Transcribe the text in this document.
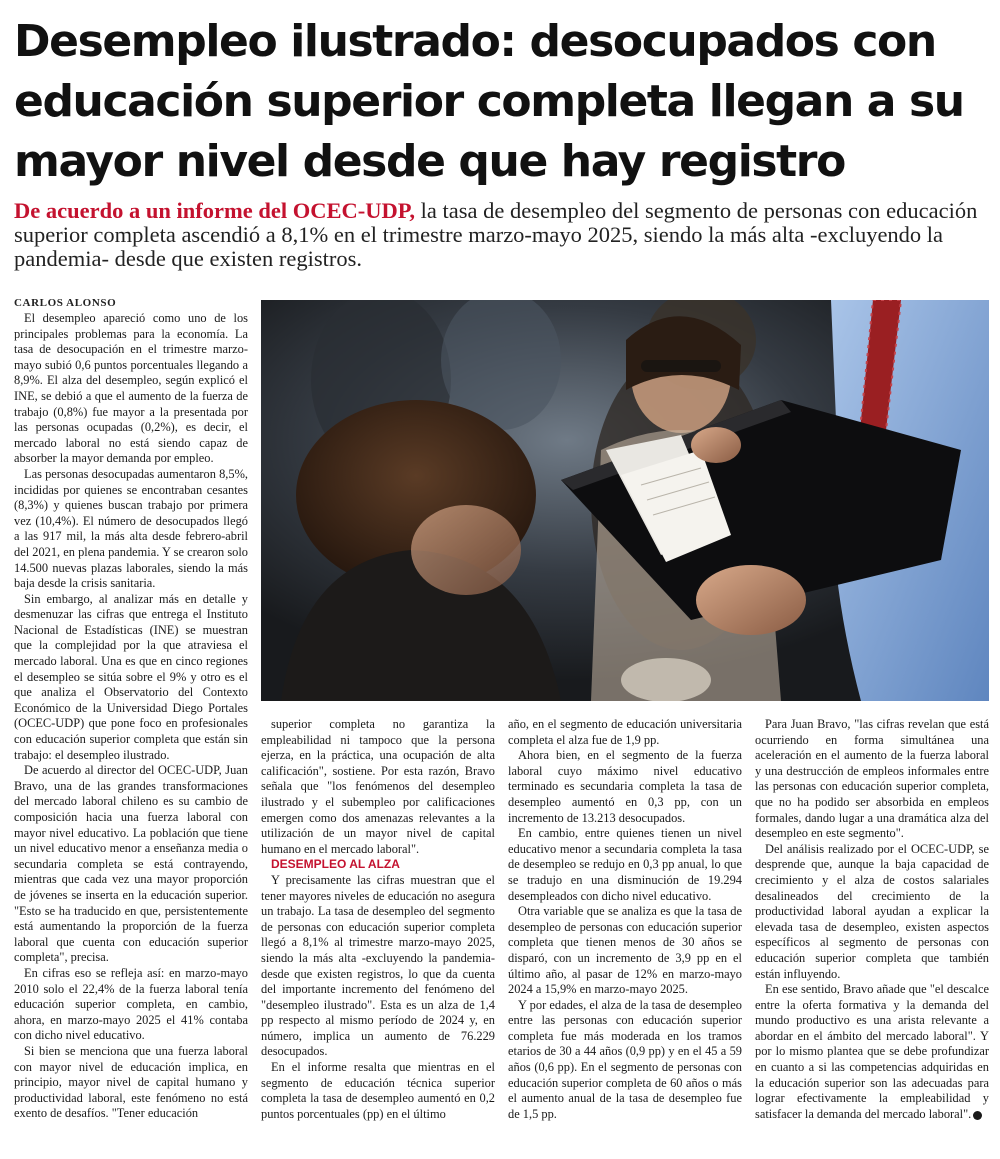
Desempleo ilustrado: desocupados con educación superior completa llegan a su mayor nivel desde que hay registro
De acuerdo a un informe del OCEC-UDP, la tasa de desempleo del segmento de personas con educación superior completa ascendió a 8,1% en el trimestre marzo-mayo 2025, siendo la más alta -excluyendo la pandemia- desde que existen registros.
CARLOS ALONSO

El desempleo apareció como uno de los principales problemas para la economía. La tasa de desocupación en el trimestre marzo-mayo subió 0,6 puntos porcentuales llegando a 8,9%. El alza del desempleo, según explicó el INE, se debió a que el aumento de la fuerza de trabajo (0,8%) fue mayor a la presentada por las personas ocupadas (0,2%), es decir, el mercado laboral no está siendo capaz de absorber la mayor demanda por empleo.

Las personas desocupadas aumentaron 8,5%, incididas por quienes se encontraban cesantes (8,3%) y quienes buscan trabajo por primera vez (10,4%). El número de desocupados llegó a las 917 mil, la más alta desde febrero-abril del 2021, en plena pandemia. Y se crearon solo 14.500 nuevas plazas laborales, siendo la más baja desde la crisis sanitaria.

Sin embargo, al analizar más en detalle y desmenuzar las cifras que entrega el Instituto Nacional de Estadísticas (INE) se muestran que la complejidad por la que atraviesa el mercado laboral. Una es que en cinco regiones el desempleo se sitúa sobre el 9% y otro es el que analiza el Observatorio del Contexto Económico de la Universidad Diego Portales (OCEC-UDP) que pone foco en profesionales con educación superior completa que están sin trabajo: el desempleo ilustrado.

De acuerdo al director del OCEC-UDP, Juan Bravo, una de las grandes transformaciones del mercado laboral chileno es su cambio de composición hacia una fuerza laboral con mayor nivel educativo. La población que tiene un nivel educativo menor a enseñanza media o secundaria completa se está contrayendo, mientras que cada vez una mayor proporción de jóvenes se inserta en la educación superior. "Esto se ha traducido en que, persistentemente está aumentando la proporción de la fuerza laboral que cuenta con educación superior completa", precisa.

En cifras eso se refleja así: en marzo-mayo 2010 solo el 22,4% de la fuerza laboral tenía educación superior completa, en cambio, ahora, en marzo-mayo 2025 el 41% contaba con dicho nivel educativo.

Si bien se menciona que una fuerza laboral con mayor nivel de educación implica, en principio, mayor nivel de capital humano y productividad laboral, este fenómeno no está exento de desafíos. "Tener educación

superior completa no garantiza la empleabilidad ni tampoco que la persona ejerza, en la práctica, una ocupación de alta calificación", sostiene. Por esta razón, Bravo señala que "los fenómenos del desempleo ilustrado y el subempleo por calificaciones emergen como dos amenazas relevantes a la utilización de un mayor nivel de capital humano en el mercado laboral".

DESEMPLEO AL ALZA

Y precisamente las cifras muestran que el tener mayores niveles de educación no asegura un trabajo. La tasa de desempleo del segmento de personas con educación superior completa llegó a 8,1% al trimestre marzo-mayo 2025, siendo la más alta -excluyendo la pandemia- desde que existen registros, lo que da cuenta del importante incremento del fenómeno del "desempleo ilustrado". Esta es un alza de 1,4 pp respecto al mismo período de 2024 y, en número, implica un aumento de 76.229 desocupados.

En el informe resalta que mientras en el segmento de educación técnica superior completa la tasa de desempleo aumentó en 0,2 puntos porcentuales (pp) en el último

año, en el segmento de educación universitaria completa el alza fue de 1,9 pp.

Ahora bien, en el segmento de la fuerza laboral cuyo máximo nivel educativo terminado es secundaria completa la tasa de desempleo aumentó en 0,3 pp, con un incremento de 13.213 desocupados.

En cambio, entre quienes tienen un nivel educativo menor a secundaria completa la tasa de desempleo se redujo en 0,3 pp anual, lo que se tradujo en una disminución de 19.294 desempleados con dicho nivel educativo.

Otra variable que se analiza es que la tasa de desempleo de personas con educación superior completa que tienen menos de 30 años se disparó, con un incremento de 3,9 pp en el último año, al pasar de 12% en marzo-mayo 2024 a 15,9% en marzo-mayo 2025.

Y por edades, el alza de la tasa de desempleo entre las personas con educación superior completa fue más moderada en los tramos etarios de 30 a 44 años (0,9 pp) y en el 45 a 59 años (0,6 pp). En el segmento de personas con educación superior completa de 60 años o más el aumento anual de la tasa de desempleo fue de 1,5 pp.

Para Juan Bravo, "las cifras revelan que está ocurriendo en forma simultánea una aceleración en el aumento de la fuerza laboral y una destrucción de empleos informales entre las personas con educación superior completa, que no ha podido ser absorbida en empleos formales, dando lugar a una dramática alza del desempleo en este segmento".

Del análisis realizado por el OCEC-UDP, se desprende que, aunque la baja capacidad de crecimiento y el alza de costos salariales desalineados del crecimiento de la productividad laboral ayudan a explicar la elevada tasa de desempleo, existen aspectos específicos al segmento de personas con educación superior completa que también están influyendo.

En ese sentido, Bravo añade que "el descalce entre la oferta formativa y la demanda del mundo productivo es una arista relevante a abordar en el ámbito del mercado laboral". Y por lo mismo plantea que se debe profundizar en cuanto a si las competencias adquiridas en la educación superior son las adecuadas para lograr efectivamente la empleabilidad y satisfacer la demanda del mercado laboral".
